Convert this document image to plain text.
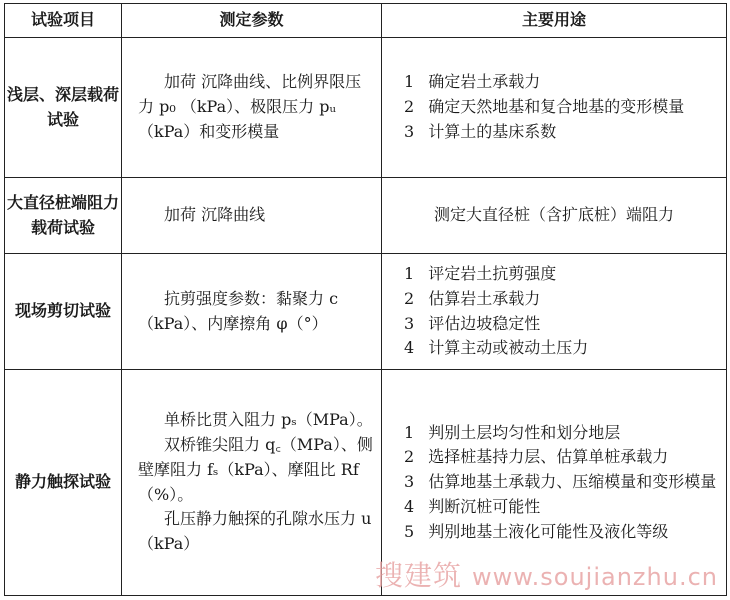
试验项目	测定参数	主要用途
浅层、深层载荷试验	加荷 沉降曲线、比例界限压力 p₀ （kPa）、极限压力 pᵤ（kPa）和变形模量	1 确定岩土承载力
2 确定天然地基和复合地基的变形模量
3 计算土的基床系数

大直径桩端阻力载荷试验	加荷 沉降曲线	测定大直径桩（含扩底桩）端阻力
现场剪切试验	抗剪强度参数：黏聚力 c（kPa）、内摩擦角 φ（°）	1 评定岩土抗剪强度
2 估算岩土承载力
3 评估边坡稳定性
4 计算主动或被动土压力

静力触探试验	单桥比贯入阻力 pₛ（MPa）。
双桥锥尖阻力 q꜀（MPa）、侧壁摩阻力 fₛ（kPa）、摩阻比 Rf（%）。
孔压静力触探的孔隙水压力 u（kPa）	1 判别土层均匀性和划分地层
2 选择桩基持力层、估算单桩承载力
3 估算地基土承载力、压缩模量和变形模量
4 判断沉桩可能性
5 判别地基土液化可能性及液化等级
搜建筑 www.soujianzhu.cn
